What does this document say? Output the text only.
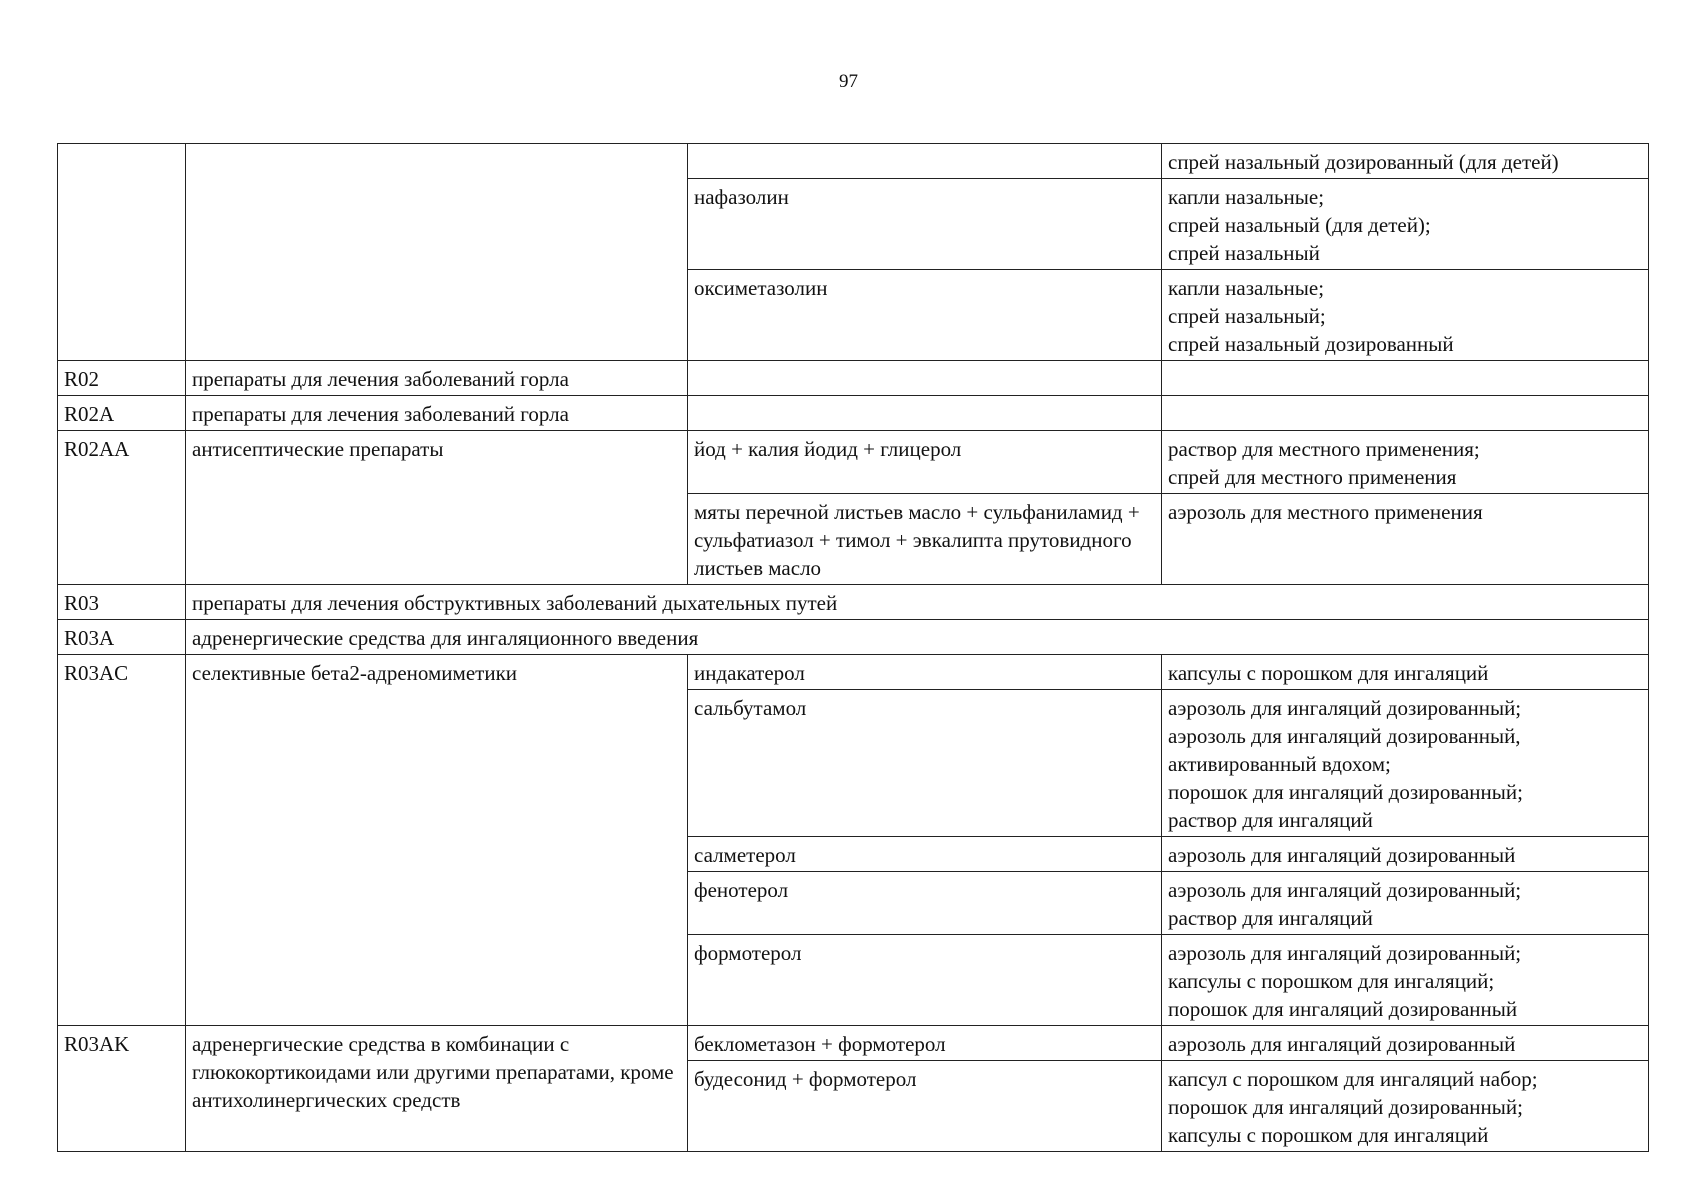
97

			спрей назальный дозированный (для детей)

		нафазолин	капли назальные;
спрей назальный (для детей);
спрей назальный

		оксиметазолин	капли назальные;
спрей назальный;
спрей назальный дозированный

R02	препараты для лечения заболеваний горла		

R02A	препараты для лечения заболеваний горла		

R02AA	антисептические препараты	йод + калия йодид + глицерол	раствор для местного применения;
спрей для местного применения

		мяты перечной листьев масло + сульфаниламид + сульфатиазол + тимол + эвкалипта прутовидного листьев масло	аэрозоль для местного применения

R03	препараты для лечения обструктивных заболеваний дыхательных путей		
R03A	адренергические средства для ингаляционного введения		
R03AC	селективные бета2-адреномиметики	индакатерол	капсулы с порошком для ингаляций

		сальбутамол	аэрозоль для ингаляций дозированный;
аэрозоль для ингаляций дозированный,
активированный вдохом;
порошок для ингаляций дозированный;
раствор для ингаляций

		салметерол	аэрозоль для ингаляций дозированный

		фенотерол	аэрозоль для ингаляций дозированный;
раствор для ингаляций

		формотерол	аэрозоль для ингаляций дозированный;
капсулы с порошком для ингаляций;
порошок для ингаляций дозированный

R03AK	адренергические средства в комбинации с глюкокортикоидами или другими препаратами, кроме антихолинергических средств	беклометазон + формотерол	аэрозоль для ингаляций дозированный

		будесонид + формотерол	капсул с порошком для ингаляций набор;
порошок для ингаляций дозированный;
капсулы с порошком для ингаляций
